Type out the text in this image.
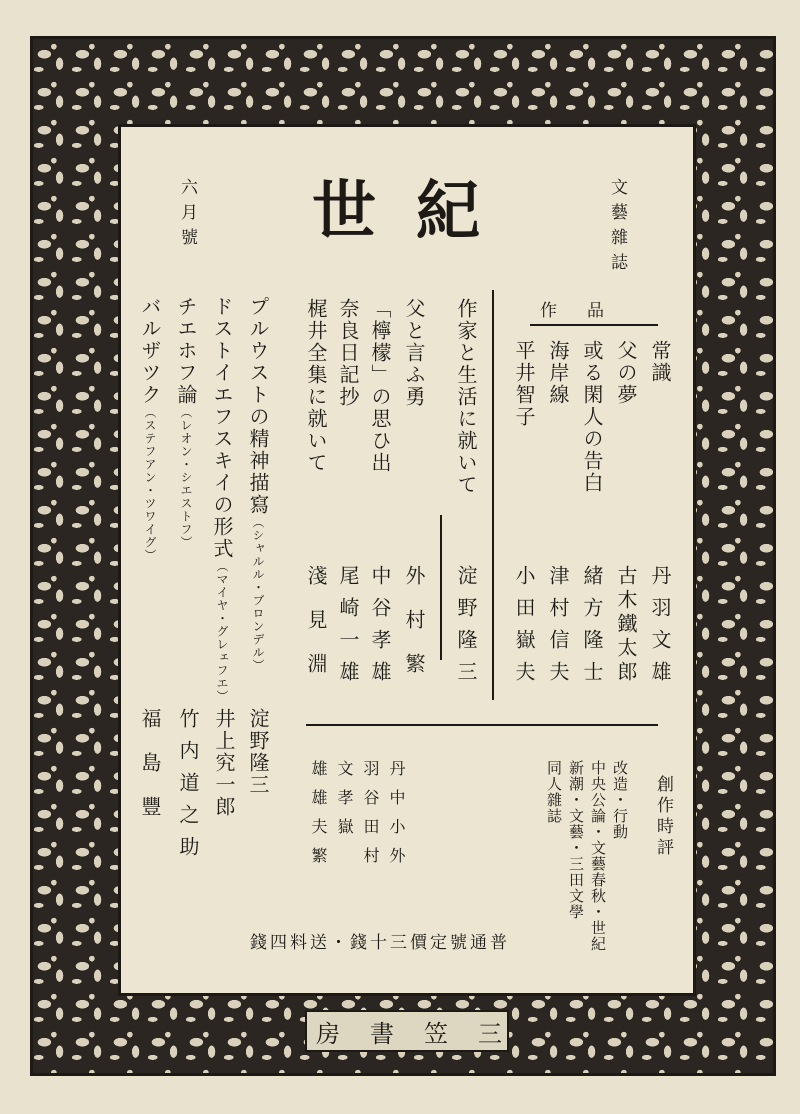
文藝雜誌
世紀
六月號
作品
常識
父の夢
或る閑人の告白
海岸線
平井智子
丹羽文雄
古木鐵太郎
緒方隆士
津村信夫
小田嶽夫
作家と生活に就いて
淀野隆三
父と言ふ勇
「檸檬」の思ひ出
奈良日記抄
梶井全集に就いて
外村繁
中谷孝雄
尾崎一雄
淺見淵
プルウストの精神描寫（シャルル・ブロンデル）
ドストイエフスキイの形式（マイヤ・グレェフエ）
チエホフ論（レオン・シエストフ）
バルザツク（ステフアン・ツワイグ）
淀野隆三
井上究一郎
竹内道之助
福島豐	創作時評
改造・行動
中央公論・文藝春秋・世紀
新潮・文藝・三田文學
同人雜誌
丹中小外
羽谷田村
文孝嶽
雄雄夫繁
普通號定價三十錢・送料四錢
三笠書房
